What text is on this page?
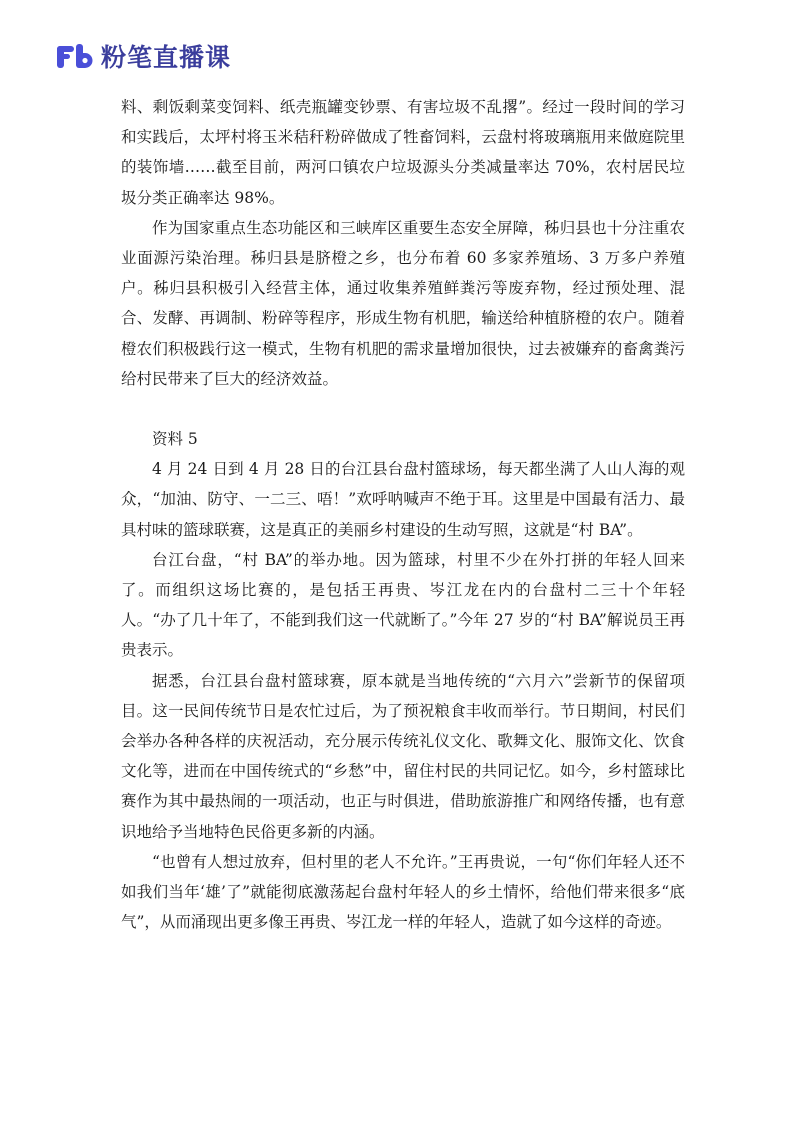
粉笔直播课

料、剩饭剩菜变饲料、纸壳瓶罐变钞票、有害垃圾不乱撂”。经过一段时间的学习和实践后，太坪村将玉米秸秆粉碎做成了牲畜饲料，云盘村将玻璃瓶用来做庭院里的装饰墙……截至目前，两河口镇农户垃圾源头分类减量率达 70%，农村居民垃圾分类正确率达 98%。

作为国家重点生态功能区和三峡库区重要生态安全屏障，秭归县也十分注重农业面源污染治理。秭归县是脐橙之乡，也分布着 60 多家养殖场、3 万多户养殖户。秭归县积极引入经营主体，通过收集养殖鲜粪污等废弃物，经过预处理、混合、发酵、再调制、粉碎等程序，形成生物有机肥，输送给种植脐橙的农户。随着橙农们积极践行这一模式，生物有机肥的需求量增加很快，过去被嫌弃的畜禽粪污给村民带来了巨大的经济效益。

资料 5

4 月 24 日到 4 月 28 日的台江县台盘村篮球场，每天都坐满了人山人海的观众，“加油、防守、一二三、唔！”欢呼呐喊声不绝于耳。这里是中国最有活力、最具村味的篮球联赛，这是真正的美丽乡村建设的生动写照，这就是“村 BA”。

台江台盘，“村 BA”的举办地。因为篮球，村里不少在外打拼的年轻人回来了。而组织这场比赛的，是包括王再贵、岑江龙在内的台盘村二三十个年轻人。“办了几十年了，不能到我们这一代就断了。”今年 27 岁的“村 BA”解说员王再贵表示。

据悉，台江县台盘村篮球赛，原本就是当地传统的“六月六”尝新节的保留项目。这一民间传统节日是农忙过后，为了预祝粮食丰收而举行。节日期间，村民们会举办各种各样的庆祝活动，充分展示传统礼仪文化、歌舞文化、服饰文化、饮食文化等，进而在中国传统式的“乡愁”中，留住村民的共同记忆。如今，乡村篮球比赛作为其中最热闹的一项活动，也正与时俱进，借助旅游推广和网络传播，也有意识地给予当地特色民俗更多新的内涵。

“也曾有人想过放弃，但村里的老人不允许。”王再贵说，一句“你们年轻人还不如我们当年‘雄’了”就能彻底激荡起台盘村年轻人的乡土情怀，给他们带来很多“底气”，从而涌现出更多像王再贵、岑江龙一样的年轻人，造就了如今这样的奇迹。
